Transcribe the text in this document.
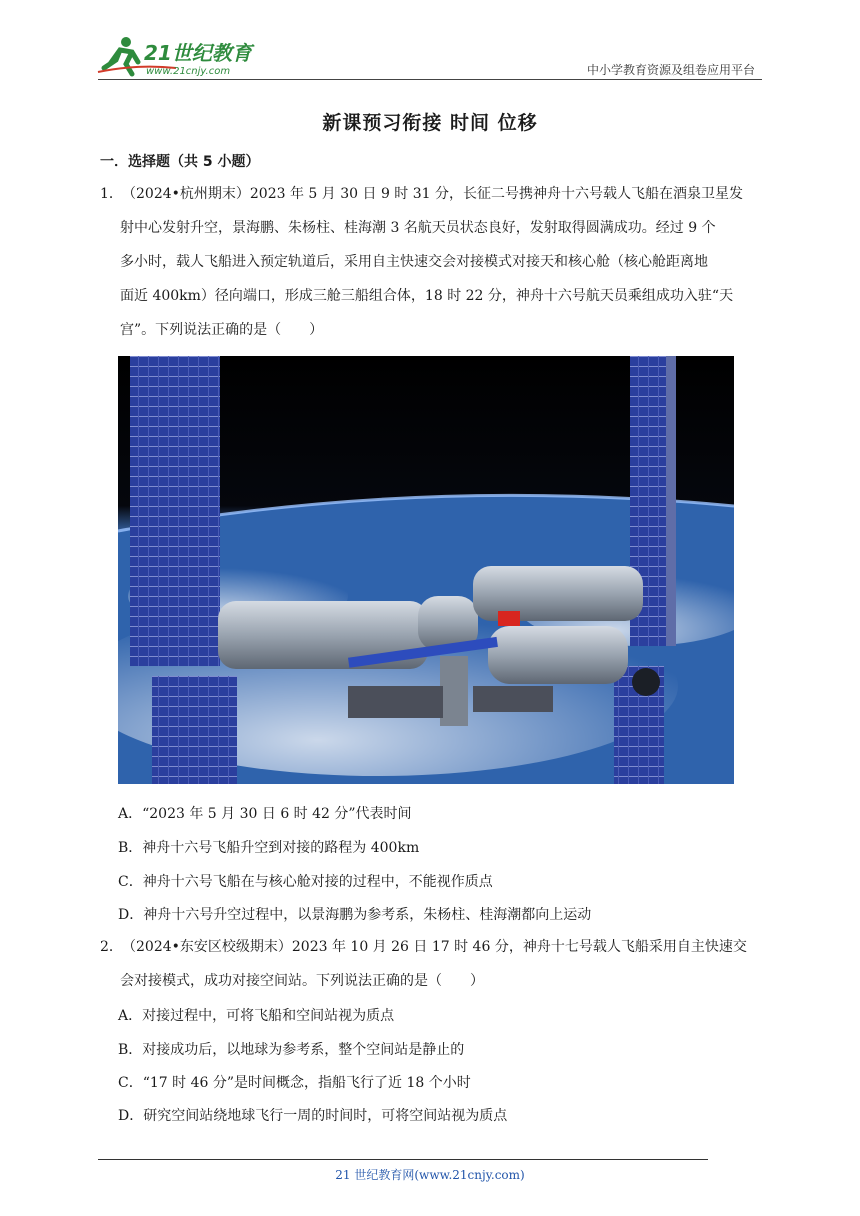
21世纪教育
www.21cnjy.com	中小学教育资源及组卷应用平台
新课预习衔接 时间 位移
一．选择题（共 5 小题）
1．（2024•杭州期末）2023 年 5 月 30 日 9 时 31 分，长征二号携神舟十六号载人飞船在酒泉卫星发
射中心发射升空，景海鹏、朱杨柱、桂海潮 3 名航天员状态良好，发射取得圆满成功。经过 9 个
多小时，载人飞船进入预定轨道后，采用自主快速交会对接模式对接天和核心舱（核心舱距离地
面近 400km）径向端口，形成三舱三船组合体，18 时 22 分，神舟十六号航天员乘组成功入驻“天
宫”。下列说法正确的是（　　）
A．“2023 年 5 月 30 日 6 时 42 分”代表时间
B．神舟十六号飞船升空到对接的路程为 400km
C．神舟十六号飞船在与核心舱对接的过程中，不能视作质点
D．神舟十六号升空过程中，以景海鹏为参考系，朱杨柱、桂海潮都向上运动
2．（2024•东安区校级期末）2023 年 10 月 26 日 17 时 46 分，神舟十七号载人飞船采用自主快速交
会对接模式，成功对接空间站。下列说法正确的是（　　）
A．对接过程中，可将飞船和空间站视为质点
B．对接成功后，以地球为参考系，整个空间站是静止的
C．“17 时 46 分”是时间概念，指船飞行了近 18 个小时
D．研究空间站绕地球飞行一周的时间时，可将空间站视为质点
21 世纪教育网(www.21cnjy.com)
